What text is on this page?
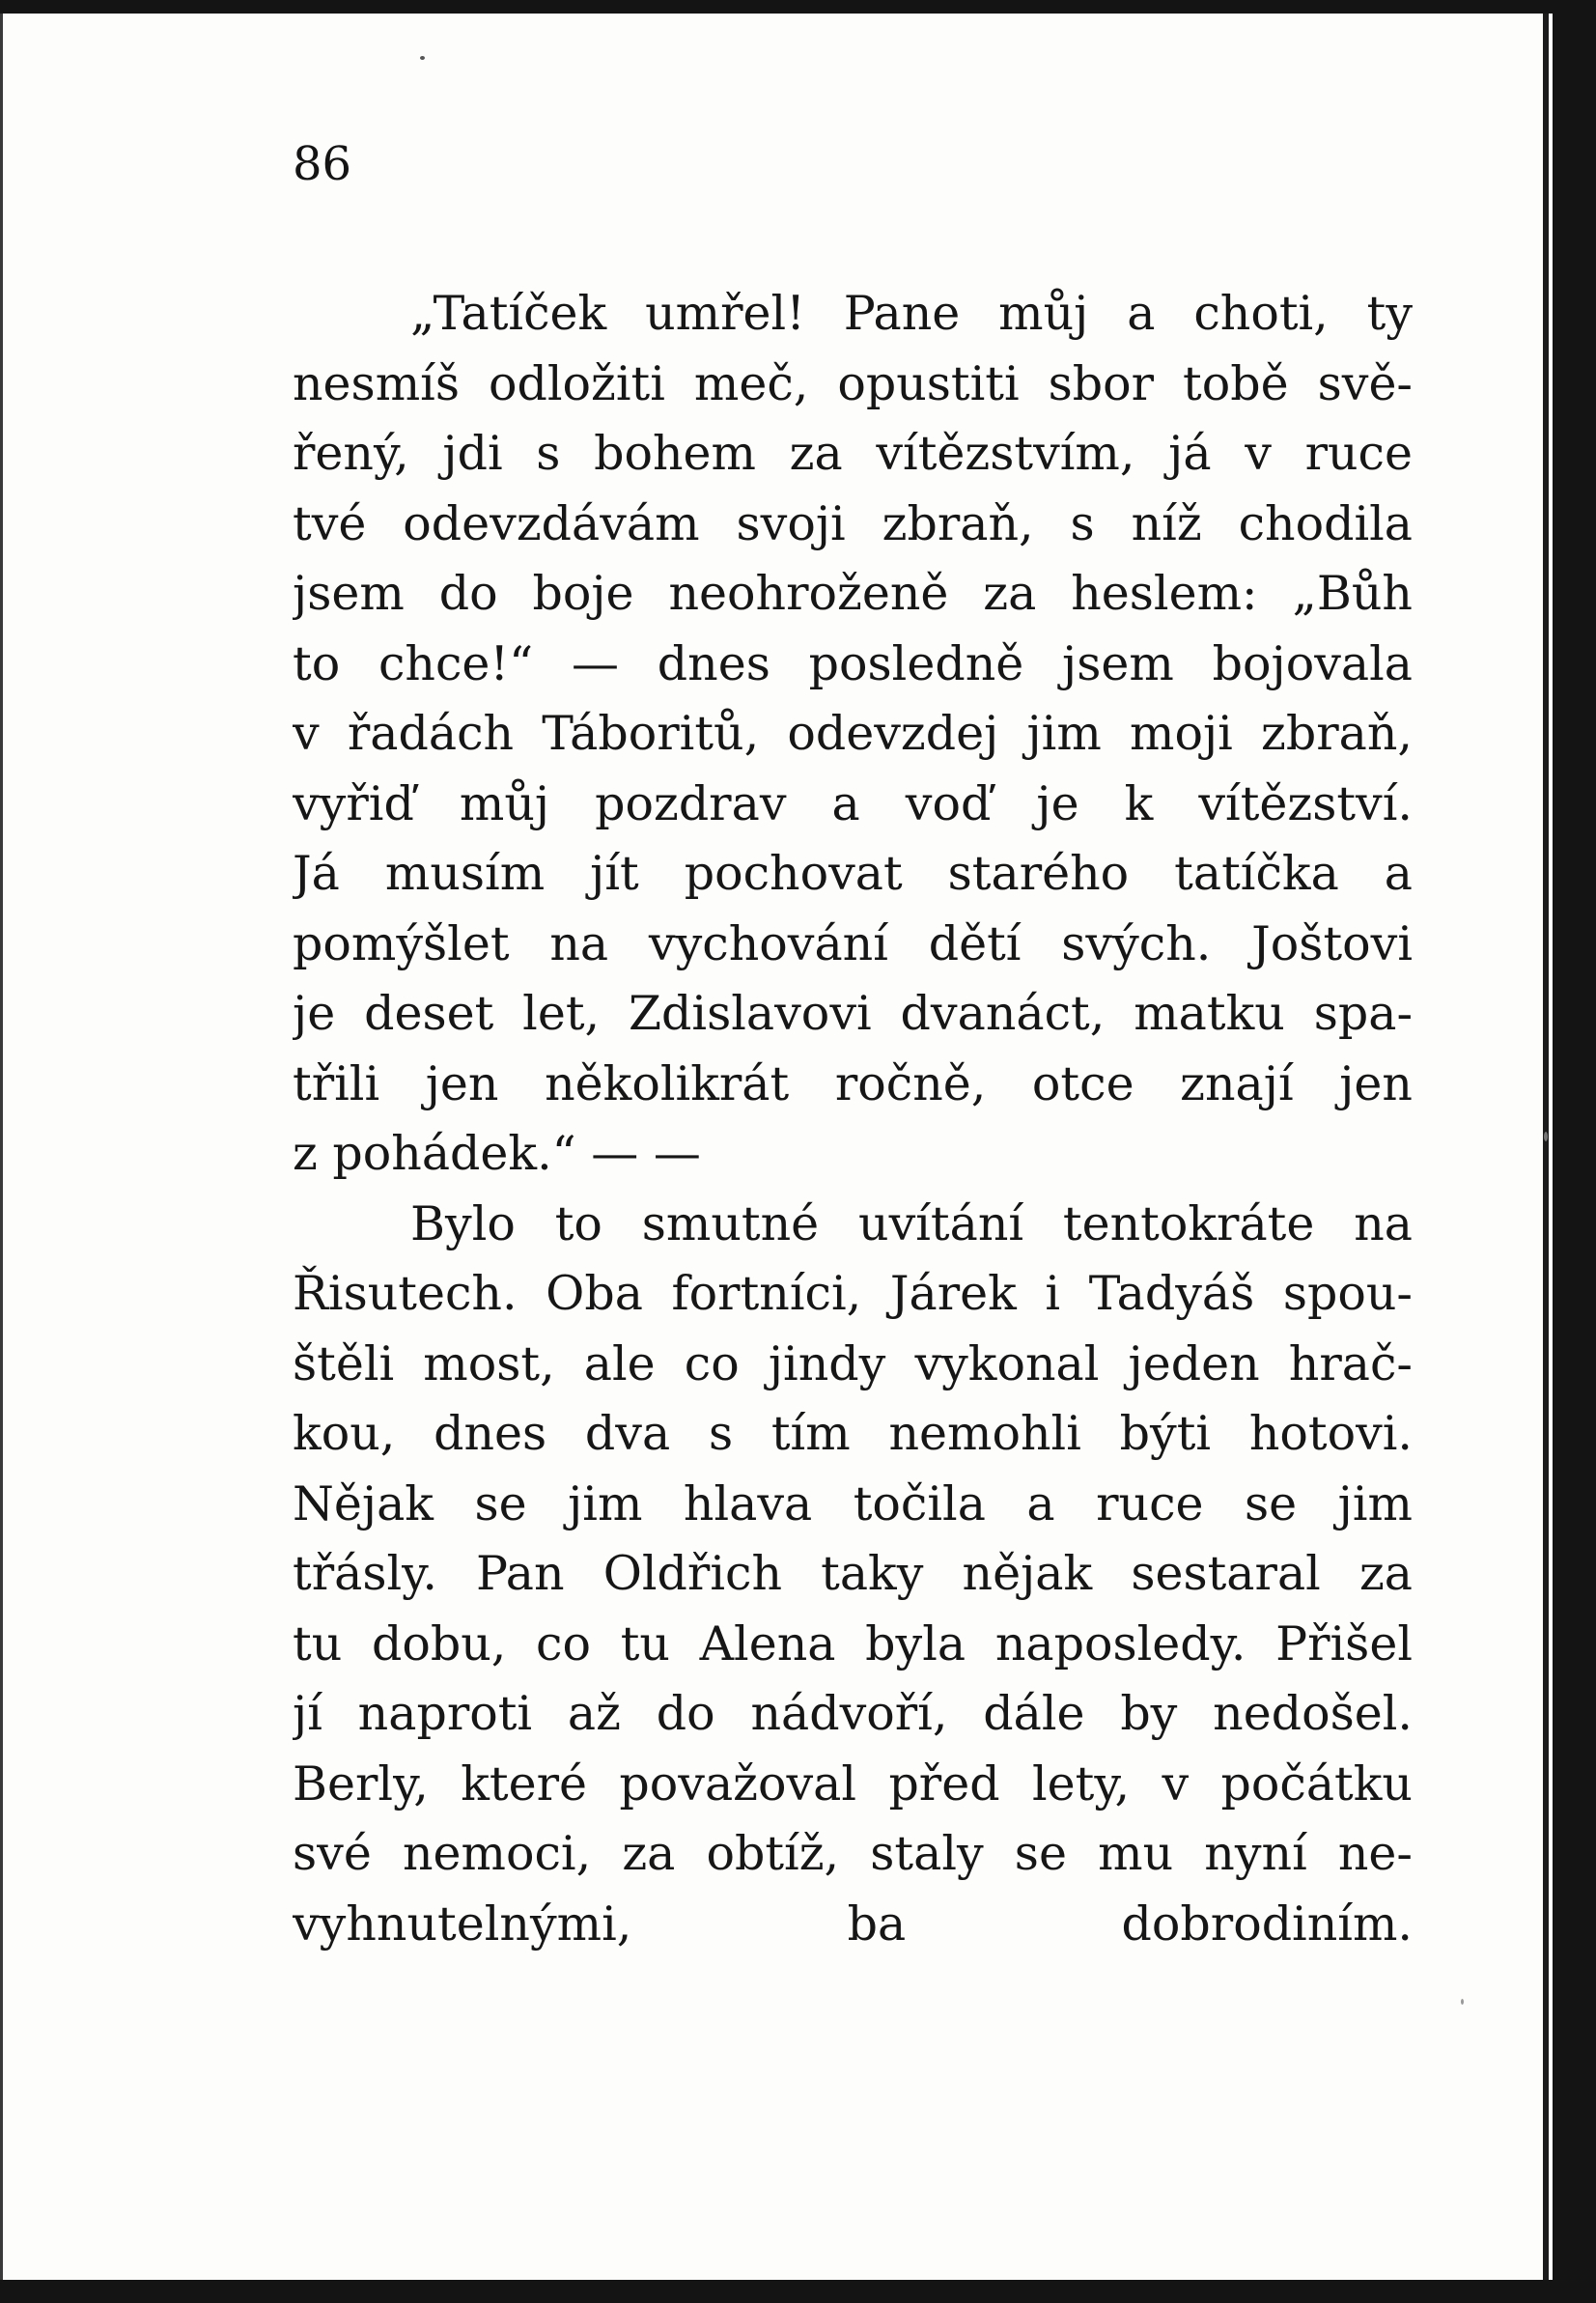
86
„Tatíček umřel! Pane můj a choti, ty
nesmíš odložiti meč, opustiti sbor tobě svě-
řený, jdi s bohem za vítězstvím, já v ruce
tvé odevzdávám svoji zbraň, s níž chodila
jsem do boje neohroženě za heslem: „Bůh
to chce!“ — dnes posledně jsem bojovala
v řadách Táboritů, odevzdej jim moji zbraň,
vyřiď můj pozdrav a voď je k vítězství.
Já musím jít pochovat starého tatíčka a
pomýšlet na vychování dětí svých. Joštovi
je deset let, Zdislavovi dvanáct, matku spa-
třili jen několikrát ročně, otce znají jen
z pohádek.“ — —
Bylo to smutné uvítání tentokráte na
Řisutech. Oba fortníci, Járek i Tadyáš spou-
štěli most, ale co jindy vykonal jeden hrač-
kou, dnes dva s tím nemohli býti hotovi.
Nějak se jim hlava točila a ruce se jim
třásly. Pan Oldřich taky nějak sestaral za
tu dobu, co tu Alena byla naposledy. Přišel
jí naproti až do nádvoří, dále by nedošel.
Berly, které považoval před lety, v počátku
své nemoci, za obtíž, staly se mu nyní ne-
vyhnutelnými, ba dobrodiním.
